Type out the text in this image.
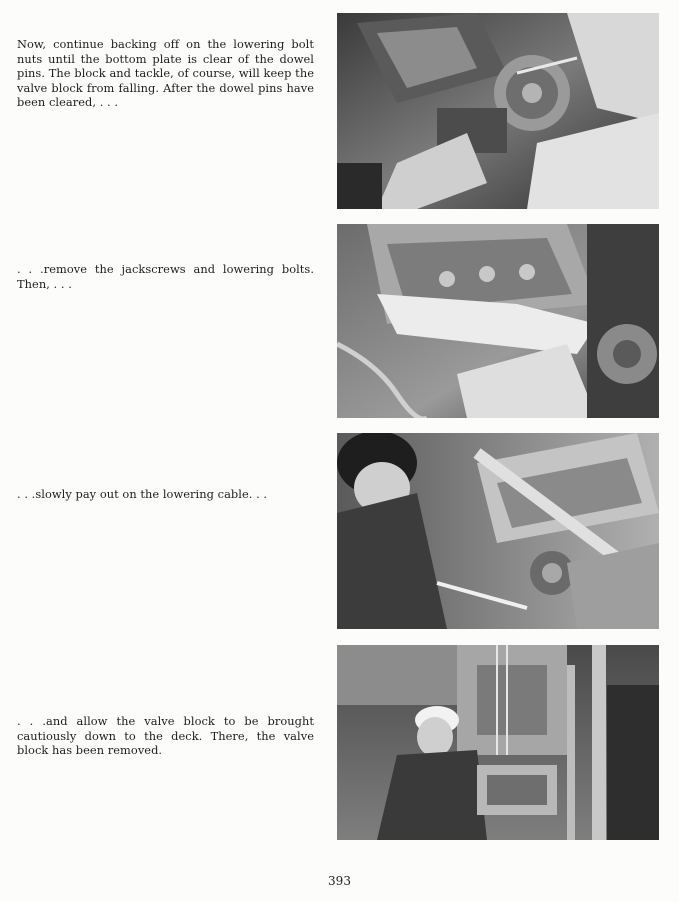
Now, continue backing off on the lowering bolt nuts until the bottom plate is clear of the dowel pins. The block and tackle, of course, will keep the valve block from falling. After the dowel pins have been cleared, . . .

. . .remove the jackscrews and lowering bolts. Then, . . .

. . .slowly pay out on the lowering cable. . .

. . .and allow the valve block to be brought cautiously down to the deck. There, the valve block has been removed.

393
